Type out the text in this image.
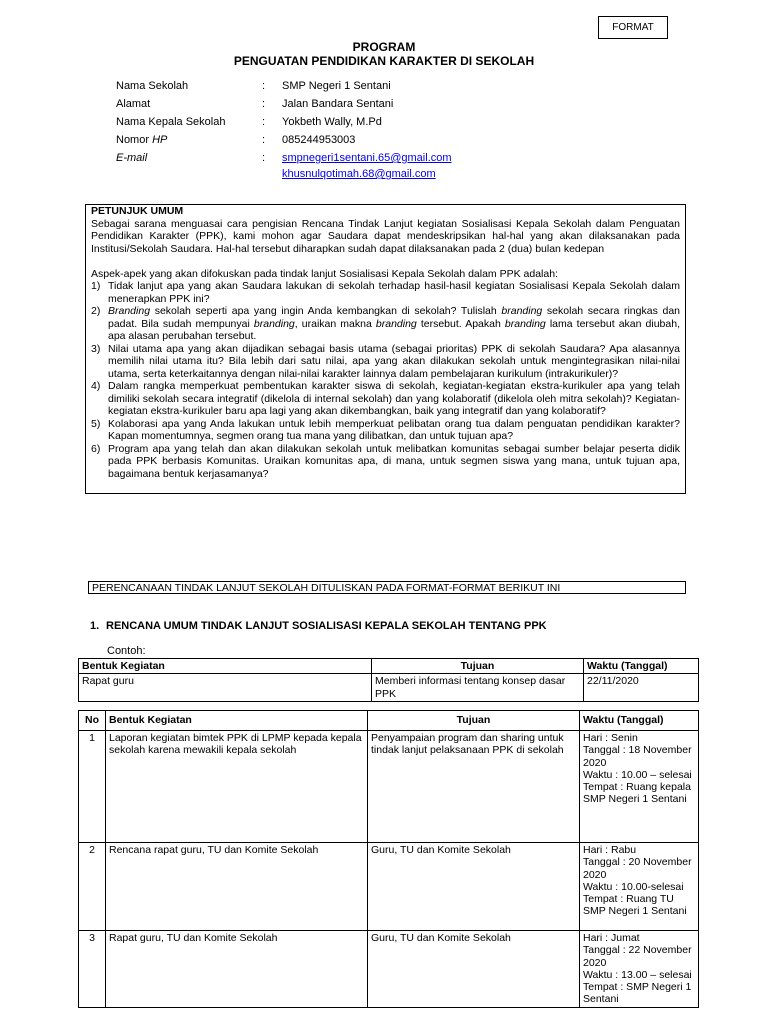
FORMAT
PROGRAM
PENGUATAN PENDIDIKAN KARAKTER DI SEKOLAH
Nama Sekolah	:	SMP Negeri 1 Sentani
Alamat	:	Jalan Bandara Sentani
Nama Kepala Sekolah	:	Yokbeth Wally, M.Pd
Nomor HP	:	085244953003
E-mail	:	smpnegeri1sentani.65@gmail.com

khusnulqotimah.68@gmail.com

PETUNJUK UMUM

Sebagai sarana menguasai cara pengisian Rencana Tindak Lanjut kegiatan Sosialisasi Kepala Sekolah dalam Penguatan Pendidikan Karakter (PPK), kami mohon agar Saudara dapat mendeskripsikan hal-hal yang akan dilaksanakan pada Institusi/Sekolah Saudara. Hal-hal tersebut diharapkan sudah dapat dilaksanakan pada 2 (dua) bulan kedepan

Aspek-apek yang akan difokuskan pada tindak lanjut Sosialisasi Kepala Sekolah dalam PPK adalah:

1) Tidak lanjut apa yang akan Saudara lakukan di sekolah terhadap hasil-hasil kegiatan Sosialisasi Kepala Sekolah dalam menerapkan PPK ini?
2) Branding sekolah seperti apa yang ingin Anda kembangkan di sekolah? Tulislah branding sekolah secara ringkas dan padat. Bila sudah mempunyai branding, uraikan makna branding tersebut. Apakah branding lama tersebut akan diubah, apa alasan perubahan tersebut.
3) Nilai utama apa yang akan dijadikan sebagai basis utama (sebagai prioritas) PPK di sekolah Saudara? Apa alasannya memilih nilai utama itu? Bila lebih dari satu nilai, apa yang akan dilakukan sekolah untuk mengintegrasikan nilai-nilai utama, serta keterkaitannya dengan nilai-nilai karakter lainnya dalam pembelajaran kurikulum (intrakurikuler)?
4) Dalam rangka memperkuat pembentukan karakter siswa di sekolah, kegiatan-kegiatan ekstra-kurikuler apa yang telah dimiliki sekolah secara integratif (dikelola di internal sekolah) dan yang kolaboratif (dikelola oleh mitra sekolah)? Kegiatan-kegiatan ekstra-kurikuler baru apa lagi yang akan dikembangkan, baik yang integratif dan yang kolaboratif?
5) Kolaborasi apa yang Anda lakukan untuk lebih memperkuat pelibatan orang tua dalam penguatan pendidikan karakter? Kapan momentumnya, segmen orang tua mana yang dilibatkan, dan untuk tujuan apa?
6) Program apa yang telah dan akan dilakukan sekolah untuk melibatkan komunitas sebagai sumber belajar peserta didik pada PPK berbasis Komunitas. Uraikan komunitas apa, di mana, untuk segmen siswa yang mana, untuk tujuan apa, bagaimana bentuk kerjasamanya?
PERENCANAAN TINDAK LANJUT SEKOLAH DITULISKAN PADA FORMAT-FORMAT BERIKUT INI
1. RENCANA UMUM TINDAK LANJUT SOSIALISASI KEPALA SEKOLAH TENTANG PPK
Contoh:
Bentuk Kegiatan	Tujuan	Waktu (Tanggal)
Rapat guru	Memberi informasi tentang konsep dasar PPK	22/11/2020
No	Bentuk Kegiatan	Tujuan	Waktu (Tanggal)
1	Laporan kegiatan bimtek PPK di LPMP kepada kepala sekolah karena mewakili kepala sekolah	Penyampaian program dan sharing untuk tindak lanjut pelaksanaan PPK di sekolah	Hari : Senin
Tanggal : 18 November 2020
Waktu : 10.00 – selesai
Tempat : Ruang kepala SMP Negeri 1 Sentani

2	Rencana rapat guru, TU dan Komite Sekolah	Guru, TU dan Komite Sekolah	Hari : Rabu
Tanggal : 20 November 2020
Waktu : 10.00-selesai
Tempat : Ruang TU SMP Negeri 1 Sentani

3	Rapat guru, TU dan Komite Sekolah	Guru, TU dan Komite Sekolah	Hari : Jumat
Tanggal : 22 November 2020
Waktu : 13.00 – selesai
Tempat : SMP Negeri 1 Sentani
